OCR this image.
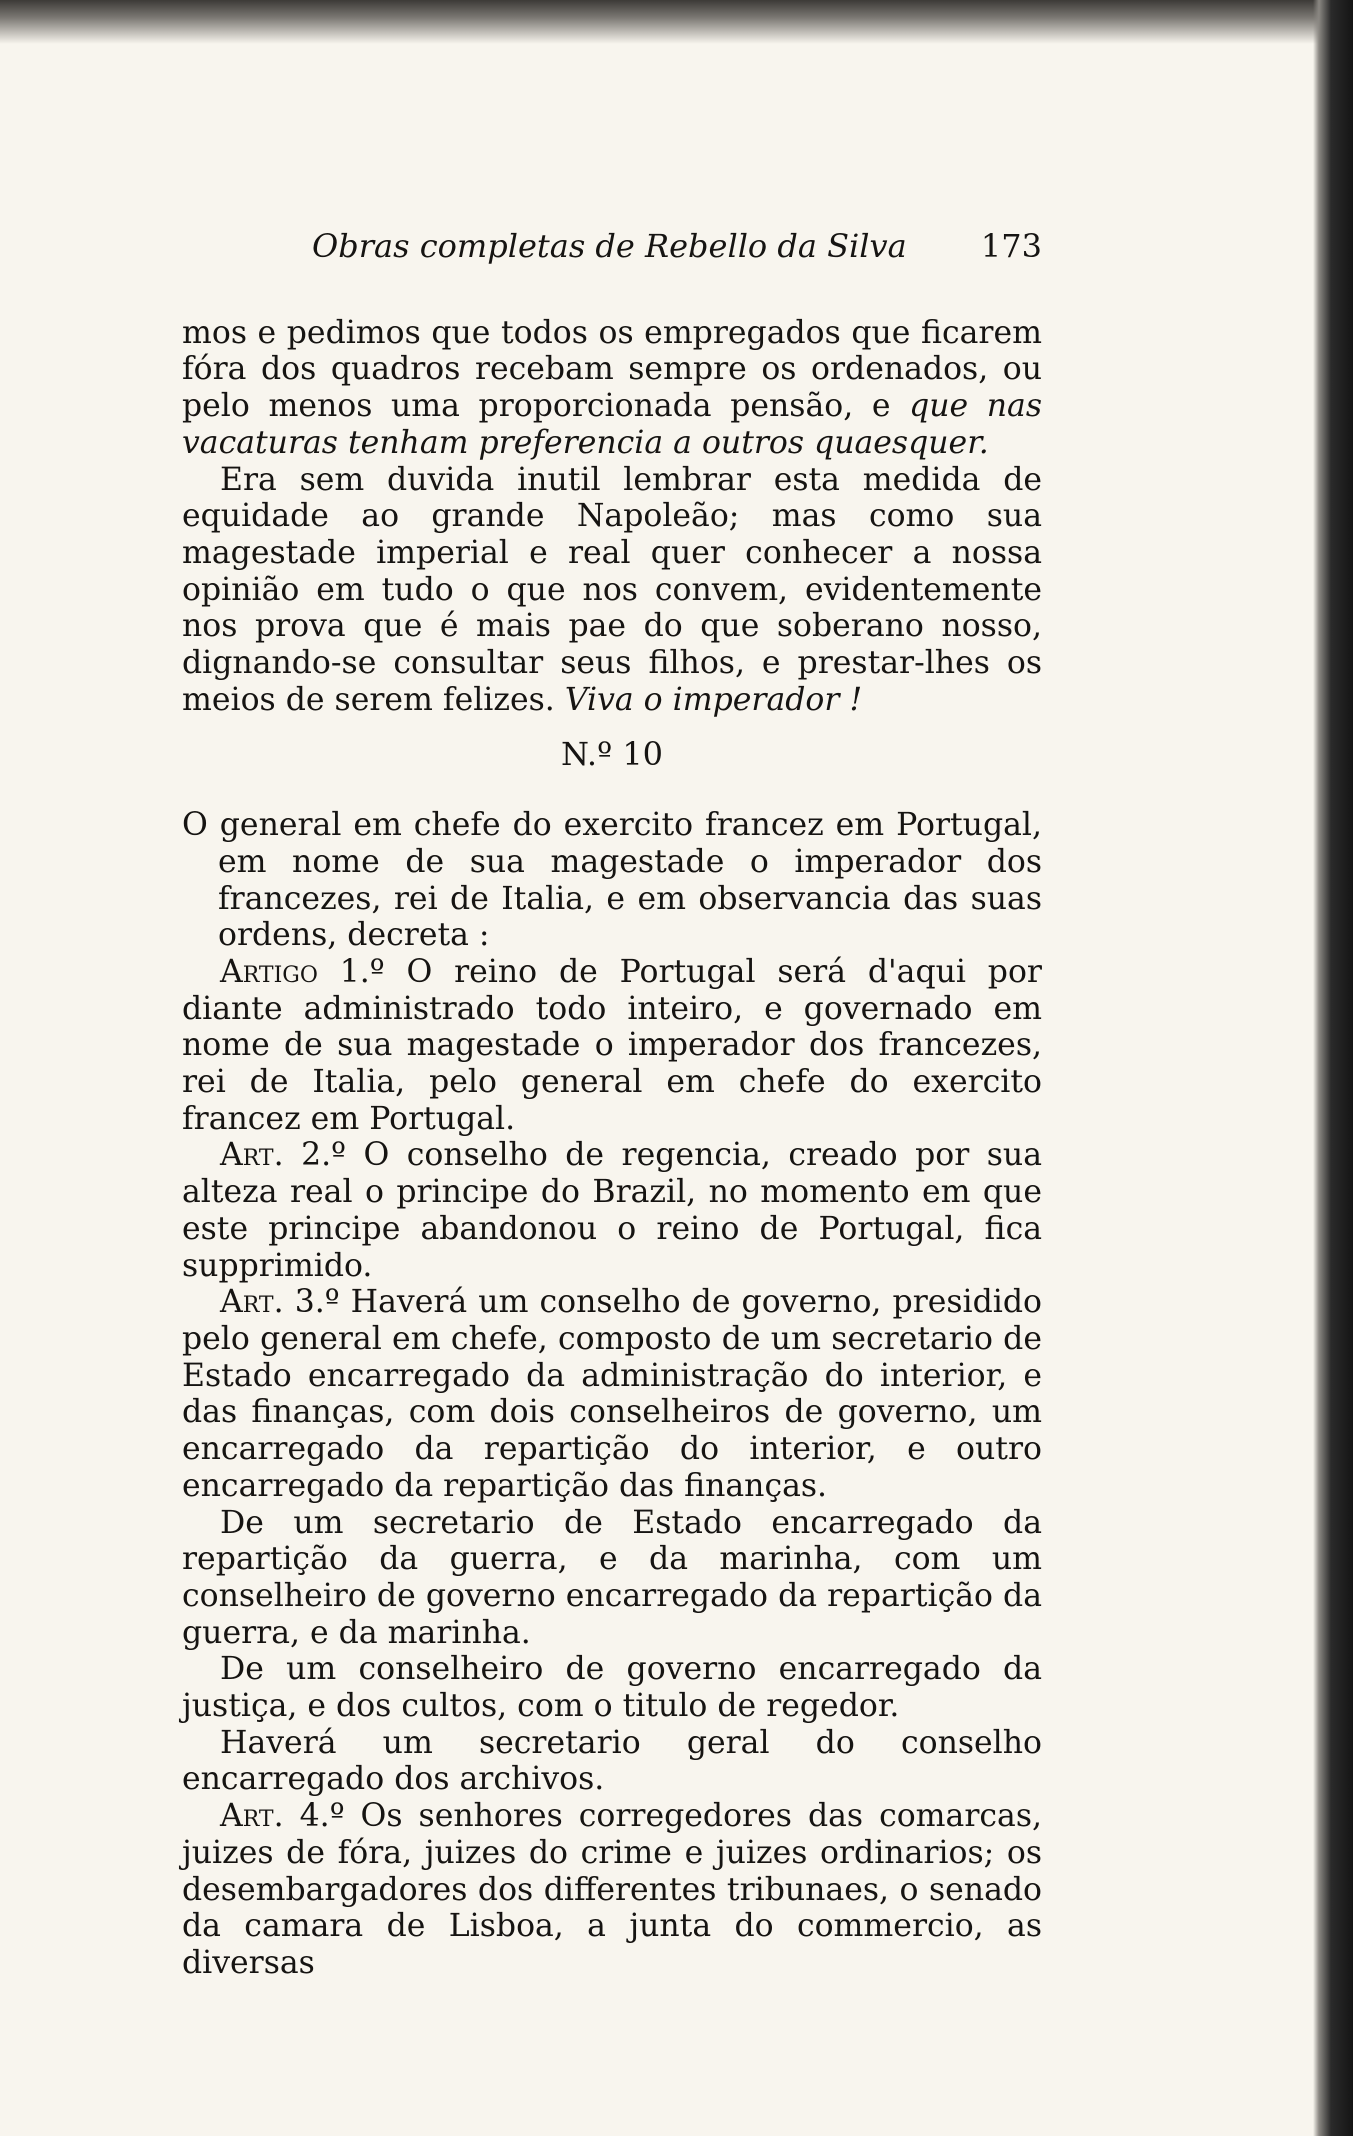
Obras completas de Rebello da Silva 173

mos e pedimos que todos os empregados que ficarem fóra dos quadros recebam sempre os ordenados, ou pelo menos uma proporcionada pensão, e que nas vacaturas tenham preferencia a outros quaesquer.

Era sem duvida inutil lembrar esta medida de equidade ao grande Napoleão; mas como sua magestade imperial e real quer conhecer a nossa opinião em tudo o que nos convem, evidentemente nos prova que é mais pae do que soberano nosso, dignando-se consultar seus filhos, e prestar-lhes os meios de serem felizes. Viva o imperador !

N.º 10

O general em chefe do exercito francez em Portugal, em nome de sua magestade o imperador dos francezes, rei de Italia, e em observancia das suas ordens, decreta :

Artigo 1.º O reino de Portugal será d'aqui por diante administrado todo inteiro, e governado em nome de sua magestade o imperador dos francezes, rei de Italia, pelo general em chefe do exercito francez em Portugal.

Art. 2.º O conselho de regencia, creado por sua alteza real o principe do Brazil, no momento em que este principe abandonou o reino de Portugal, fica supprimido.

Art. 3.º Haverá um conselho de governo, presidido pelo general em chefe, composto de um secretario de Estado encarregado da administração do interior, e das finanças, com dois conselheiros de governo, um encarregado da repartição do interior, e outro encarregado da repartição das finanças.

De um secretario de Estado encarregado da repartição da guerra, e da marinha, com um conselheiro de governo encarregado da repartição da guerra, e da marinha.

De um conselheiro de governo encarregado da justiça, e dos cultos, com o titulo de regedor.

Haverá um secretario geral do conselho encarregado dos archivos.

Art. 4.º Os senhores corregedores das comarcas, juizes de fóra, juizes do crime e juizes ordinarios; os desembargadores dos differentes tribunaes, o senado da camara de Lisboa, a junta do commercio, as diversas
